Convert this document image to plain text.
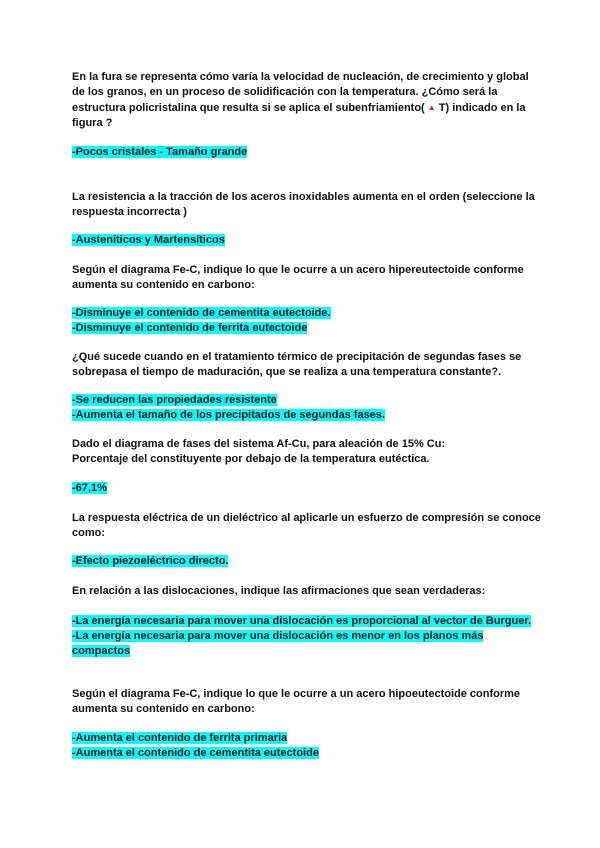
En la fura se representa cómo varía la velocidad de nucleación, de crecimiento y global de los granos, en un proceso de solidificación con la temperatura. ¿Cómo será la estructura policristalina que resulta si se aplica el subenfriamiento( ▲ T) indicado en la figura ?

-Pocos cristales - Tamaño grande

La resistencia a la tracción de los aceros inoxidables aumenta en el orden (seleccione la respuesta incorrecta )

-Austeníticos y Martensíticos

Según el diagrama Fe-C, indique lo que le ocurre a un acero hipereutectoide conforme aumenta su contenido en carbono:

-Disminuye el contenido de cementita eutectoide.
-Disminuye el contenido de ferrita eutectoide

¿Qué sucede cuando en el tratamiento térmico de precipitación de segundas fases se sobrepasa el tiempo de maduración, que se realiza a una temperatura constante?.

-Se reducen las propiedades resistente
-Aumenta el tamaño de los precipitados de segundas fases.

Dado el diagrama de fases del sistema Af-Cu, para aleación de 15% Cu:
Porcentaje del constituyente por debajo de la temperatura eutéctica.

-67,1%

La respuesta eléctrica de un dieléctrico al aplicarle un esfuerzo de compresión se conoce como:

-Efecto piezoeléctrico directo.

En relación a las dislocaciones, indique las afirmaciones que sean verdaderas:

-La energía necesaria para mover una dislocación es proporcional al vector de Burguer.
-La energía necesaria para mover una dislocación es menor en los planos más compactos

Según el diagrama Fe-C, indique lo que le ocurre a un acero hipoeutectoide conforme aumenta su contenido en carbono:

-Aumenta el contenido de ferrita primaria
-Aumenta el contenido de cementita eutectoide
